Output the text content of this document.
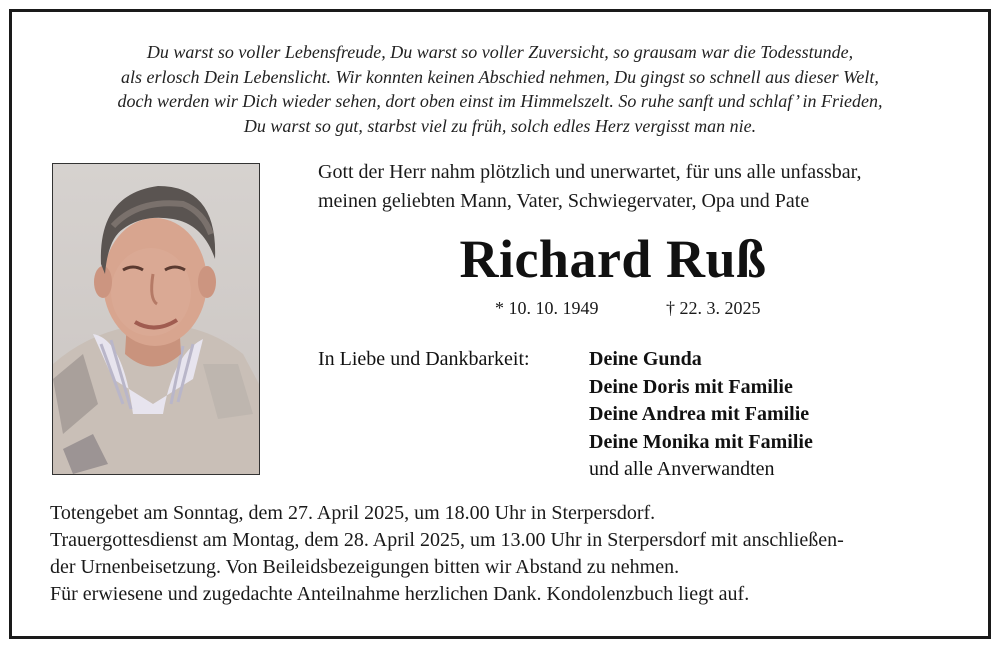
Du warst so voller Lebensfreude, Du warst so voller Zuversicht, so grausam war die Todesstunde,
als erlosch Dein Lebenslicht. Wir konnten keinen Abschied nehmen, Du gingst so schnell aus dieser Welt,
doch werden wir Dich wieder sehen, dort oben einst im Himmelszelt. So ruhe sanft und schlaf’ in Frieden,
Du warst so gut, starbst viel zu früh, solch edles Herz vergisst man nie.
Gott der Herr nahm plötzlich und unerwartet, für uns alle unfassbar,
meinen geliebten Mann, Vater, Schwiegervater, Opa und Pate
Richard Ruß
* 10. 10. 1949	† 22. 3. 2025
In Liebe und Dankbarkeit:	Deine Gunda
Deine Doris mit Familie
Deine Andrea mit Familie
Deine Monika mit Familie
und alle Anverwandten
Totengebet am Sonntag, dem 27. April 2025, um 18.00 Uhr in Sterpersdorf.
Trauergottesdienst am Montag, dem 28. April 2025, um 13.00 Uhr in Sterpersdorf mit anschließen-
der Urnenbeisetzung. Von Beileidsbezeigungen bitten wir Abstand zu nehmen.
Für erwiesene und zugedachte Anteilnahme herzlichen Dank. Kondolenzbuch liegt auf.
